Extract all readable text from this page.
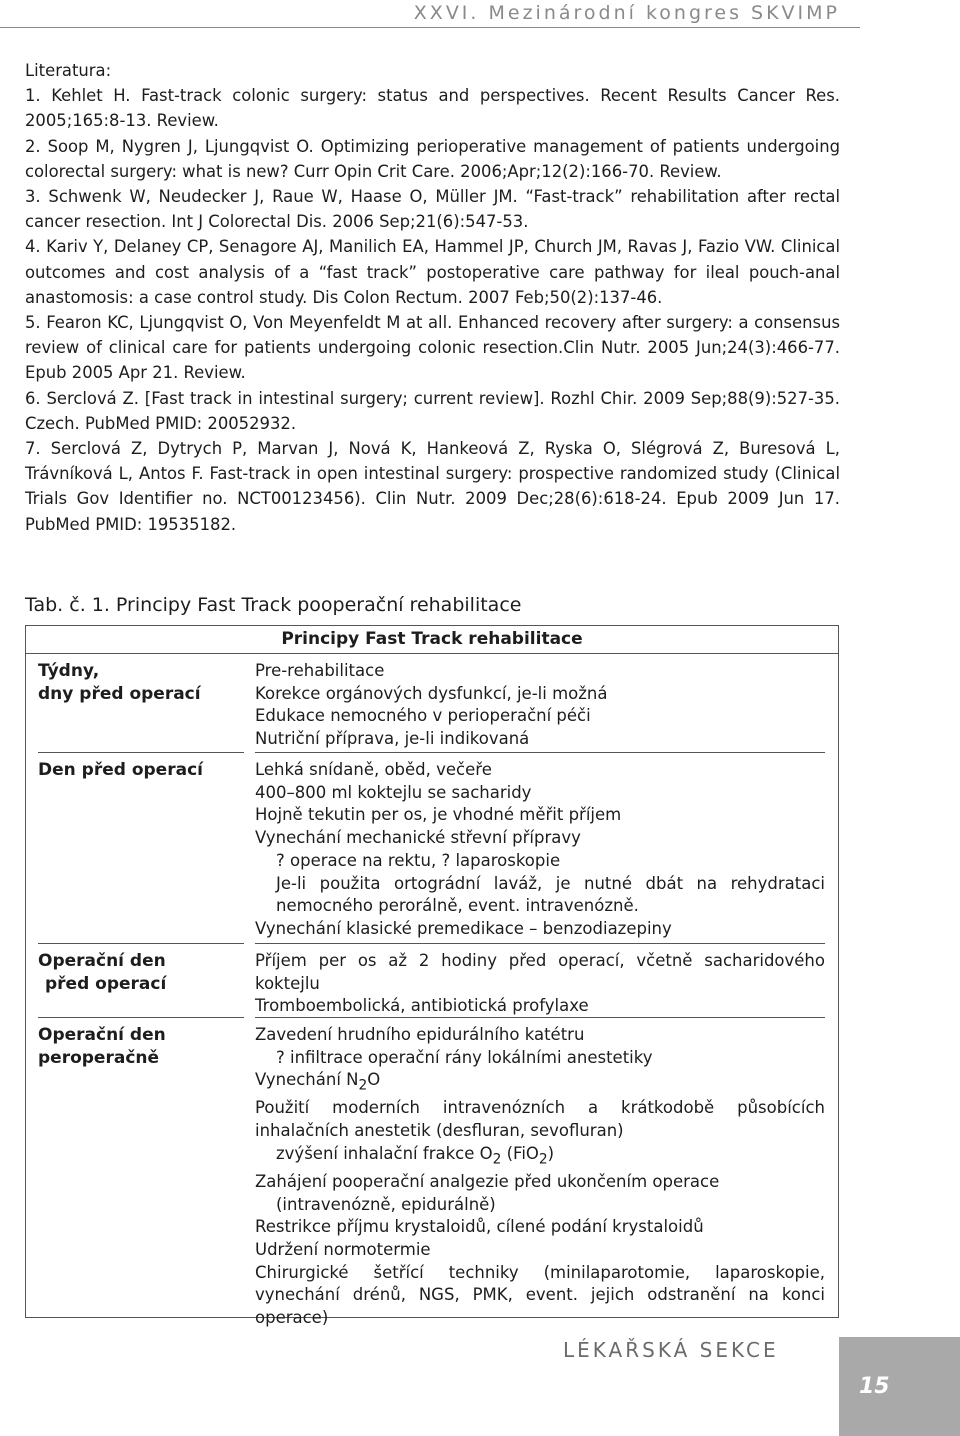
XXVI. Mezinárodní kongres SKVIMP

Literatura:

1. Kehlet H. Fast-track colonic surgery: status and perspectives. Recent Results Cancer Res. 2005;165:8-13. Review.

2. Soop M, Nygren J, Ljungqvist O. Optimizing perioperative management of patients undergoing colorectal surgery: what is new? Curr Opin Crit Care. 2006;Apr;12(2):166-70. Review.

3. Schwenk W, Neudecker J, Raue W, Haase O, Müller JM. “Fast-track” rehabilitation after rectal cancer resection. Int J Colorectal Dis. 2006 Sep;21(6):547-53.

4. Kariv Y, Delaney CP, Senagore AJ, Manilich EA, Hammel JP, Church JM, Ravas J, Fazio VW. Clinical outcomes and cost analysis of a “fast track” postoperative care pathway for ileal pouch-anal anastomosis: a case control study. Dis Colon Rectum. 2007 Feb;50(2):137-46.

5. Fearon KC, Ljungqvist O, Von Meyenfeldt M at all. Enhanced recovery after surgery: a consensus review of clinical care for patients undergoing colonic resection.Clin Nutr. 2005 Jun;24(3):466-77. Epub 2005 Apr 21. Review.

6. Serclová Z. [Fast track in intestinal surgery; current review]. Rozhl Chir. 2009 Sep;88(9):527-35. Czech. PubMed PMID: 20052932.

7. Serclová Z, Dytrych P, Marvan J, Nová K, Hankeová Z, Ryska O, Slégrová Z, Buresová L, Trávníková L, Antos F. Fast-track in open intestinal surgery: prospective randomized study (Clinical Trials Gov Identifier no. NCT00123456). Clin Nutr. 2009 Dec;28(6):618-24. Epub 2009 Jun 17. PubMed PMID: 19535182.

Tab. č. 1. Principy Fast Track pooperační rehabilitace
Principy Fast Track rehabilitace
Týdny,
dny před operací
Pre-rehabilitace
Korekce orgánových dysfunkcí, je-li možná
Edukace nemocného v perioperační péči
Nutriční příprava, je-li indikovaná
Den před operací	Lehká snídaně, oběd, večeře
400–800 ml koktejlu se sacharidy
Hojně tekutin per os, je vhodné měřit příjem
Vynechání mechanické střevní přípravy
? operace na rektu, ? laparoskopie
Je-li použita ortográdní laváž, je nutné dbát na rehydrataci nemocného perorálně, event. intravenózně.
Vynechání klasické premedikace – benzodiazepiny
Operační den
před operací
Příjem per os až 2 hodiny před operací, včetně sacharidového koktejlu
Tromboembolická, antibiotická profylaxe
Operační den
peroperačně
Zavedení hrudního epidurálního katétru
? infiltrace operační rány lokálními anestetiky
Vynechání $N_2O$
Použití moderních intravenózních a krátkodobě působících inhalačních anestetik (desfluran, sevofluran)
zvýšení inhalační frakce $O_2$ (FiO$_2$)
Zahájení pooperační analgezie před ukončením operace
(intravenózně, epidurálně)
Restrikce příjmu krystaloidů, cílené podání krystaloidů
Udržení normotermie
Chirurgické šetřící techniky (minilaparotomie, laparoskopie, vynechání drénů, NGS, PMK, event. jejich odstranění na konci operace)
LÉKAŘSKÁ SEKCE
15
